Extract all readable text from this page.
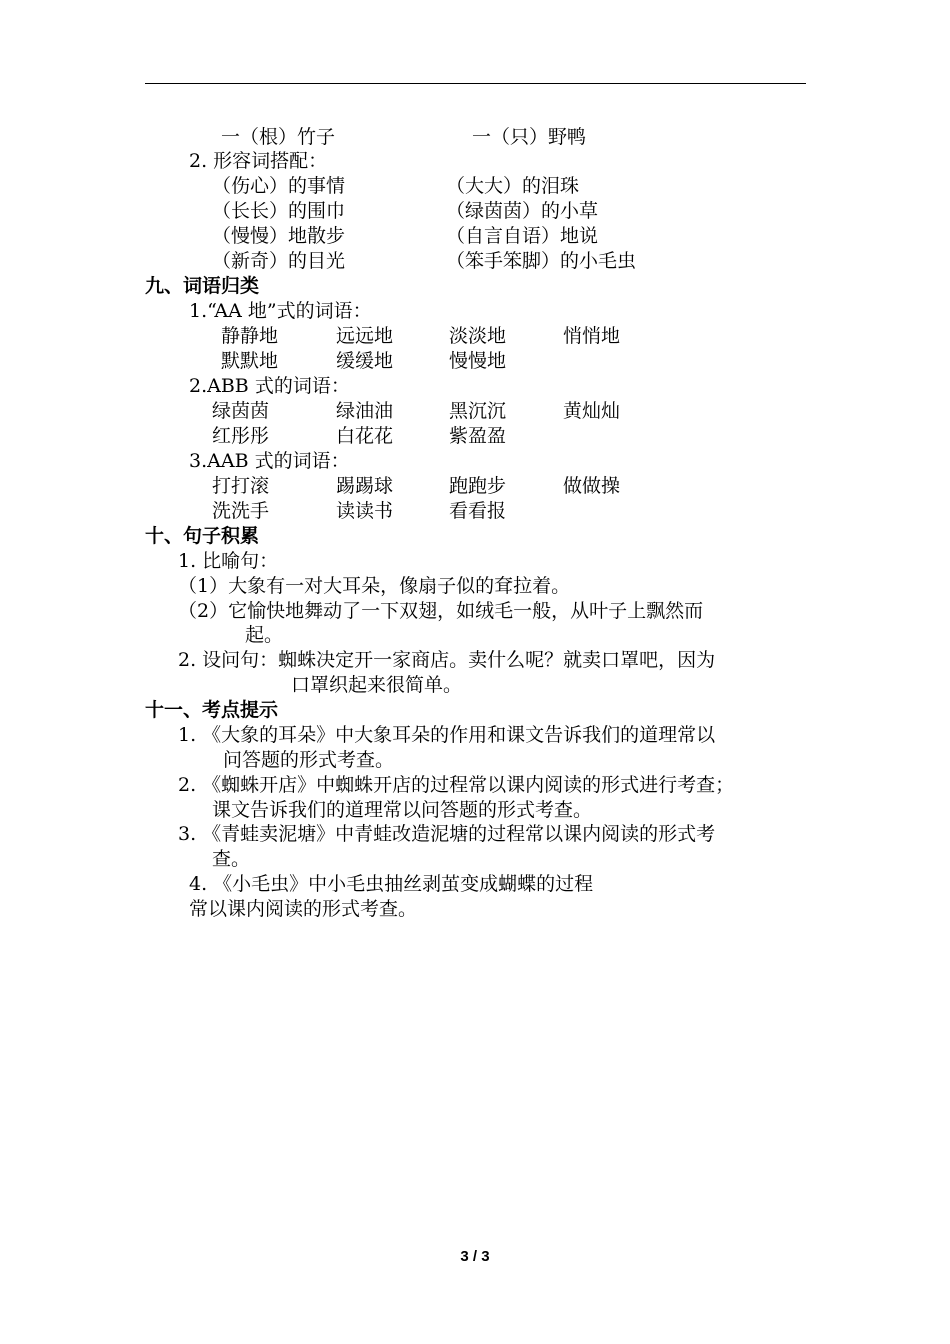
一（根）竹子	一（只）野鸭
2. 形容词搭配：
（伤心）的事情	（大大）的泪珠
（长长）的围巾	（绿茵茵）的小草
（慢慢）地散步	（自言自语）地说
（新奇）的目光	（笨手笨脚）的小毛虫
九、词语归类
1.“AA 地”式的词语：
静静地	远远地	淡淡地	悄悄地
默默地	缓缓地	慢慢地
2.ABB 式的词语：
绿茵茵	绿油油	黑沉沉	黄灿灿
红彤彤	白花花	紫盈盈
3.AAB 式的词语：
打打滚	踢踢球	跑跑步	做做操
洗洗手	读读书	看看报
十、句子积累
1. 比喻句：
（1）大象有一对大耳朵，像扇子似的耷拉着。
（2）它愉快地舞动了一下双翅，如绒毛一般，从叶子上飘然而
起。
2. 设问句：蜘蛛决定开一家商店。卖什么呢？就卖口罩吧，因为
口罩织起来很简单。
十一、考点提示
1. 《大象的耳朵》中大象耳朵的作用和课文告诉我们的道理常以
问答题的形式考查。
2. 《蜘蛛开店》中蜘蛛开店的过程常以课内阅读的形式进行考查；
课文告诉我们的道理常以问答题的形式考查。
3. 《青蛙卖泥塘》中青蛙改造泥塘的过程常以课内阅读的形式考
查。
4. 《小毛虫》中小毛虫抽丝剥茧变成蝴蝶的过程
常以课内阅读的形式考查。
3 / 3
